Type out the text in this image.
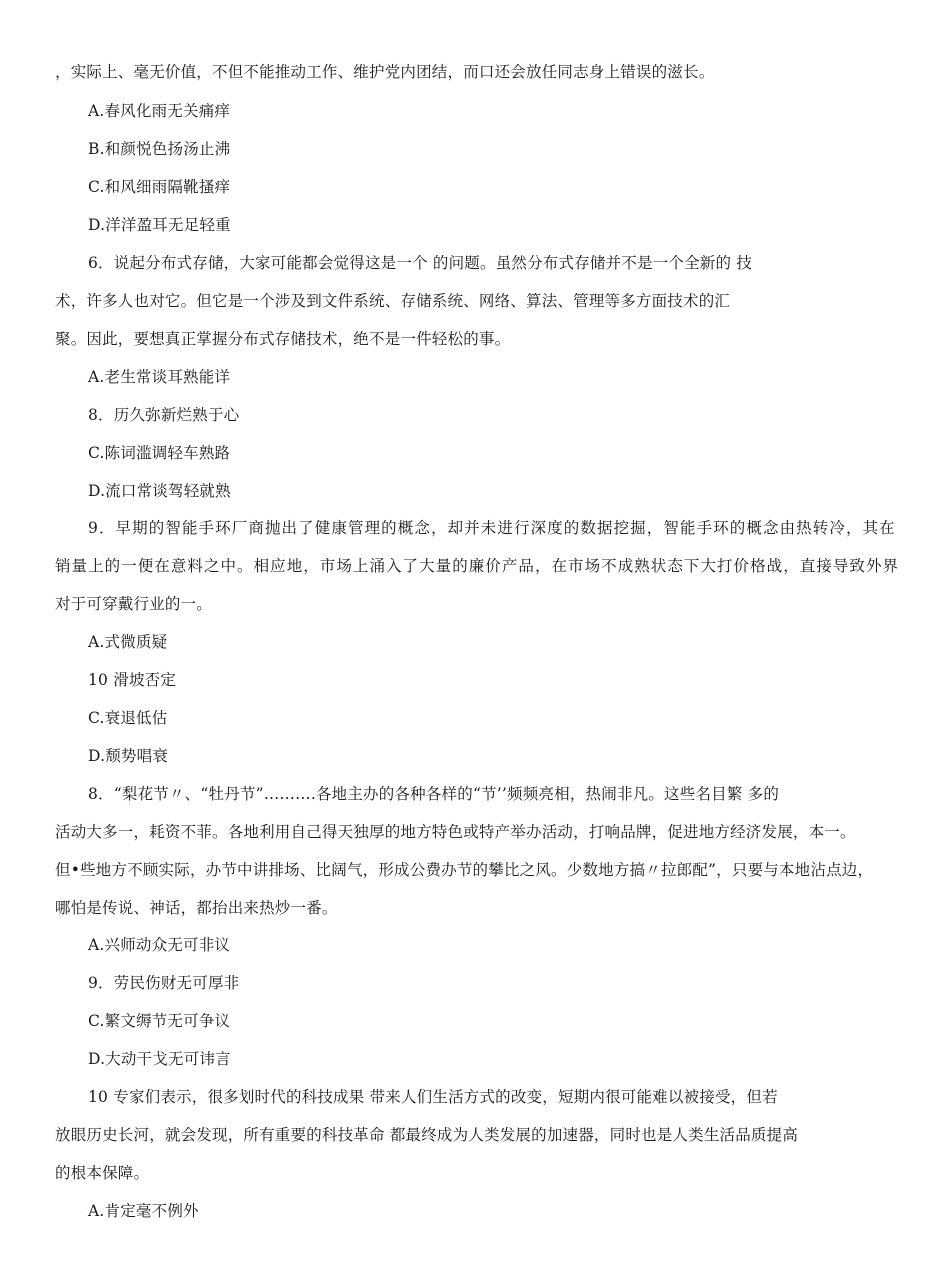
，实际上、毫无价值，不但不能推动工作、维护党内团结，而口还会放任同志身上错误的滋长。
A.春风化雨无关痛痒
B.和颜悦色扬汤止沸
C.和风细雨隔靴搔痒
D.洋洋盈耳无足轻重
6．说起分布式存储，大家可能都会觉得这是一个 的问题。虽然分布式存储并不是一个全新的 技
术，许多人也对它。但它是一个涉及到文件系统、存储系统、网络、算法、管理等多方面技术的汇
聚。因此，要想真正掌握分布式存储技术，绝不是一件轻松的事。
A.老生常谈耳熟能详
8．历久弥新烂熟于心
C.陈词滥调轻车熟路
D.流口常谈驾轻就熟
9．早期的智能手环厂商抛出了健康管理的概念，却并未进行深度的数据挖掘，智能手环的概念由热转冷，其在
销量上的一便在意料之中。相应地，市场上涌入了大量的廉价产品，在市场不成熟状态下大打价格战，直接导致外界
对于可穿戴行业的一。
A.式微质疑
10 滑坡否定
C.衰退低估
D.颓势唱衰
8．“梨花节〃、“牡丹节”……….各地主办的各种各样的“节’’频频亮相，热闹非凡。这些名目繁 多的
活动大多一，耗资不菲。各地利用自己得天独厚的地方特色或特产举办活动，打响品牌，促进地方经济发展，本一。
但•些地方不顾实际，办节中讲排场、比阔气，形成公费办节的攀比之风。少数地方搞〃拉郎配”，只要与本地沾点边，
哪怕是传说、神话，都抬出来热炒一番。
A.兴师动众无可非议
9．劳民伤财无可厚非
C.繁文缛节无可争议
D.大动干戈无可讳言
10 专家们表示，很多划时代的科技成果 带来人们生活方式的改变，短期内很可能难以被接受，但若
放眼历史长河，就会发现，所有重要的科技革命 都最终成为人类发展的加速器，同时也是人类生活品质提高
的根本保障。
A.肯定毫不例外
